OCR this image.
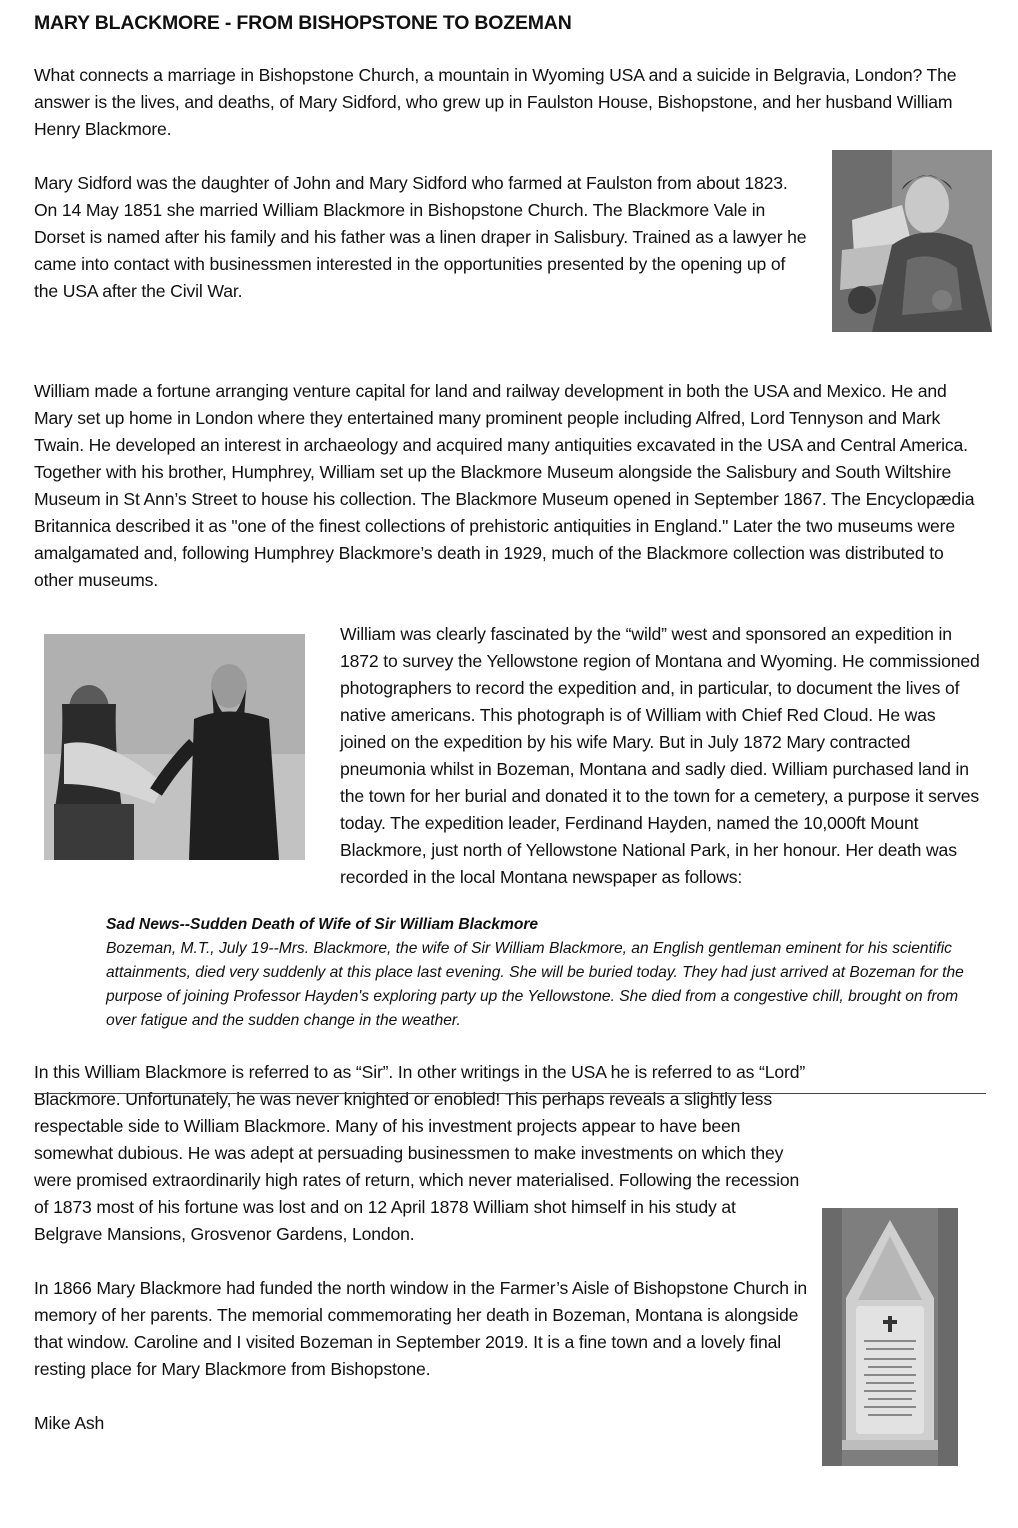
MARY BLACKMORE - FROM BISHOPSTONE TO BOZEMAN

What connects a marriage in Bishopstone Church, a mountain in Wyoming USA and a suicide in Belgravia, London? The answer is the lives, and deaths, of Mary Sidford, who grew up in Faulston House, Bishopstone, and her husband William Henry Blackmore.

Mary Sidford was the daughter of John and Mary Sidford who farmed at Faulston from about 1823. On 14 May 1851 she married William Blackmore in Bishopstone Church. The Blackmore Vale in Dorset is named after his family and his father was a linen draper in Salisbury. Trained as a lawyer he came into contact with businessmen interested in the opportunities presented by the opening up of the USA after the Civil War.

William made a fortune arranging venture capital for land and railway development in both the USA and Mexico. He and Mary set up home in London where they entertained many prominent people including Alfred, Lord Tennyson and Mark Twain. He developed an interest in archaeology and acquired many antiquities excavated in the USA and Central America. Together with his brother, Humphrey, William set up the Blackmore Museum alongside the Salisbury and South Wiltshire Museum in St Ann’s Street to house his collection. The Blackmore Museum opened in September 1867. The Encyclopædia Britannica described it as "one of the finest collections of prehistoric antiquities in England." Later the two museums were amalgamated and, following Humphrey Blackmore’s death in 1929, much of the Blackmore collection was distributed to other museums.

William was clearly fascinated by the “wild” west and sponsored an expedition in 1872 to survey the Yellowstone region of Montana and Wyoming. He commissioned photographers to record the expedition and, in particular, to document the lives of native americans. This photograph is of William with Chief Red Cloud. He was joined on the expedition by his wife Mary. But in July 1872 Mary contracted pneumonia whilst in Bozeman, Montana and sadly died. William purchased land in the town for her burial and donated it to the town for a cemetery, a purpose it serves today. The expedition leader, Ferdinand Hayden, named the 10,000ft Mount Blackmore, just north of Yellowstone National Park, in her honour. Her death was recorded in the local Montana newspaper as follows:

Sad News--Sudden Death of Wife of Sir William Blackmore
Bozeman, M.T., July 19--Mrs. Blackmore, the wife of Sir William Blackmore, an English gentleman eminent for his scientific attainments, died very suddenly at this place last evening. She will be buried today. They had just arrived at Bozeman for the purpose of joining Professor Hayden's exploring party up the Yellowstone. She died from a congestive chill, brought on from over fatigue and the sudden change in the weather.

In this William Blackmore is referred to as “Sir”. In other writings in the USA he is referred to as “Lord” Blackmore. Unfortunately, he was never knighted or enobled! This perhaps reveals a slightly less respectable side to William Blackmore. Many of his investment projects appear to have been somewhat dubious. He was adept at persuading businessmen to make investments on which they were promised extraordinarily high rates of return, which never materialised. Following the recession of 1873 most of his fortune was lost and on 12 April 1878 William shot himself in his study at Belgrave Mansions, Grosvenor Gardens, London.

In 1866 Mary Blackmore had funded the north window in the Farmer’s Aisle of Bishopstone Church in memory of her parents. The memorial commemorating her death in Bozeman, Montana is alongside that window. Caroline and I visited Bozeman in September 2019. It is a fine town and a lovely final resting place for Mary Blackmore from Bishopstone.

Mike Ash
